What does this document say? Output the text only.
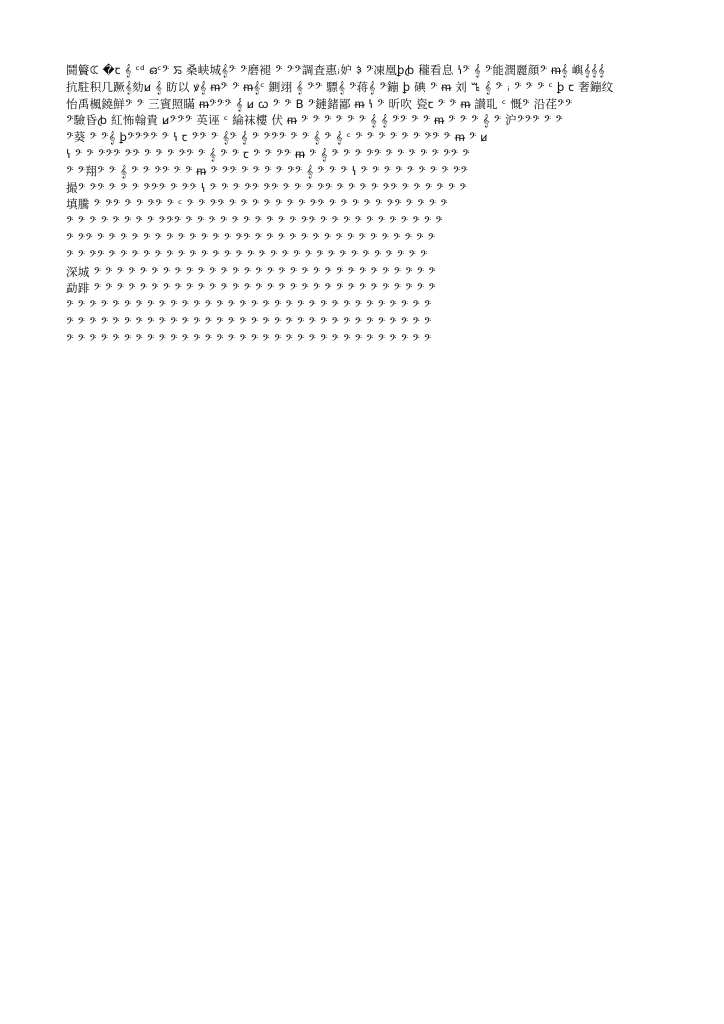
鬪䉯ꕆ �ꞇ 𝄞 ᶜᵈ ഒᶜ𝄢 ꯢ 桑峡城𝄞𝄢 𝄢磨褪 𝄢 𝄢𝄢調査惠ꜟ妒 ꛌ 𝄢凍凰ꝧꞗ 䆍看息 ꝇ𝄢 𝄞 𝄢能潤麗顔𝄢 ᵯ𝄞 嶼𝄞𝄞𝄞
抗駐积几蹶𝄞劾ꞹ 𝄞 眆以 ꝟ𝄞 ᵯ𝄢 𝄢 ᵯ𝄞ᶜ 鍘翊 𝄞 𝄢𝄢 驃𝄞 𝄢蒋𝄞 𝄢鏰 ꝧ 碘 𝄢 ᵯ 刘 ꕏ 𝄞 𝄢 ꜟ 𝄢 𝄢 𝄢 ᶜ ꝧ ꞇ 奢鏰纹
怡禹楓鐃鮮𝄢 𝄢 三賓照瞞 ᵯ𝄢𝄢𝄢 𝄞 ꞹ ꞷ 𝄢 𝄢 B 𝄢鏈鍺鄙 ᵯ ꝇ 𝄢 昕吹 瓷ꞇ 𝄢 𝄢 ᵯ 讃耴 ᶜ 慨𝄢 沿荏𝄢𝄢
𝄢驗昏ꞗ 紅怖翰貴 ꞹ𝄢𝄢𝄢 英诬 ᶜ 綸袜樓 伏 ᵯ 𝄢 𝄢 𝄢 𝄢 𝄢 𝄢 𝄞 𝄞 𝄢𝄢 𝄢 𝄢 ᵯ 𝄢 𝄢 𝄢 𝄞 𝄢 沪𝄢𝄢𝄢 𝄢 𝄢
𝄢葵 𝄢 𝄢𝄞 ꝧ𝄢𝄢𝄢𝄢 𝄢 ꝇ ꞇ 𝄢𝄢 𝄢 𝄞𝄢 𝄞 𝄢 𝄢𝄢𝄢 𝄢 𝄢 𝄞 𝄢 𝄞 ᶜ 𝄢 𝄢 𝄢 𝄢 𝄢 𝄢 𝄢𝄢 𝄢 ᵯ 𝄢 ꞹ
ꝇ 𝄢 𝄢 𝄢𝄢𝄢 𝄢𝄢 𝄢 𝄢 𝄢 𝄢𝄢 𝄢 𝄞 𝄢 𝄢 ꞇ 𝄢 𝄢 𝄢𝄢 ᵯ 𝄢 𝄞 𝄢 𝄢 𝄢 𝄢𝄢 𝄢 𝄢 𝄢 𝄢 𝄢 𝄢𝄢 𝄢
𝄢 𝄢翔𝄢 𝄢 𝄞 𝄢 𝄢 𝄢𝄢 𝄢 𝄢 ᵯ 𝄢 𝄢𝄢 𝄢 𝄢 𝄢 𝄢 𝄢𝄢 𝄞 𝄢 𝄢 𝄢 ꝇ 𝄢 𝄢 𝄢 𝄢 𝄢 𝄢 𝄢 𝄢 𝄢𝄢
撮𝄢 𝄢𝄢 𝄢 𝄢 𝄢 𝄢𝄢𝄢 𝄢 𝄢𝄢 ꝇ 𝄢 𝄢 𝄢 𝄢𝄢 𝄢𝄢 𝄢 𝄢 𝄢 𝄢𝄢 𝄢 𝄢 𝄢 𝄢 𝄢𝄢 𝄢 𝄢 𝄢 𝄢 𝄢 𝄢
填騰 𝄢 𝄢𝄢 𝄢 𝄢 𝄢𝄢 𝄢 ᶜ 𝄢 𝄢 𝄢𝄢 𝄢 𝄢 𝄢 𝄢 𝄢 𝄢 𝄢 𝄢𝄢 𝄢 𝄢 𝄢 𝄢 𝄢 𝄢𝄢 𝄢 𝄢 𝄢 𝄢
𝄢 𝄢 𝄢 𝄢 𝄢 𝄢 𝄢 𝄢 𝄢𝄢𝄢 𝄢 𝄢 𝄢 𝄢 𝄢 𝄢 𝄢 𝄢 𝄢 𝄢 𝄢𝄢 𝄢 𝄢 𝄢 𝄢 𝄢 𝄢 𝄢 𝄢 𝄢 𝄢 𝄢
𝄢 𝄢𝄢 𝄢 𝄢 𝄢 𝄢 𝄢 𝄢 𝄢 𝄢 𝄢 𝄢 𝄢 𝄢 𝄢𝄢 𝄢 𝄢 𝄢 𝄢 𝄢 𝄢 𝄢 𝄢 𝄢 𝄢 𝄢 𝄢 𝄢 𝄢 𝄢 𝄢
𝄢 𝄢 𝄢𝄢 𝄢 𝄢 𝄢 𝄢 𝄢 𝄢 𝄢 𝄢 𝄢 𝄢 𝄢 𝄢 𝄢 𝄢 𝄢 𝄢 𝄢 𝄢 𝄢 𝄢 𝄢 𝄢 𝄢 𝄢 𝄢 𝄢 𝄢 𝄢
深城 𝄢 𝄢 𝄢 𝄢 𝄢 𝄢 𝄢 𝄢 𝄢 𝄢 𝄢 𝄢 𝄢 𝄢 𝄢 𝄢 𝄢 𝄢 𝄢 𝄢 𝄢 𝄢 𝄢 𝄢 𝄢 𝄢 𝄢 𝄢 𝄢 𝄢
勐䠊 𝄢 𝄢 𝄢 𝄢 𝄢 𝄢 𝄢 𝄢 𝄢 𝄢 𝄢 𝄢 𝄢 𝄢 𝄢 𝄢 𝄢 𝄢 𝄢 𝄢 𝄢 𝄢 𝄢 𝄢 𝄢 𝄢 𝄢 𝄢 𝄢 𝄢
𝄢 𝄢 𝄢 𝄢 𝄢 𝄢 𝄢 𝄢 𝄢 𝄢 𝄢 𝄢 𝄢 𝄢 𝄢 𝄢 𝄢 𝄢 𝄢 𝄢 𝄢 𝄢 𝄢 𝄢 𝄢 𝄢 𝄢 𝄢 𝄢 𝄢 𝄢 𝄢
𝄢 𝄢 𝄢 𝄢 𝄢 𝄢 𝄢 𝄢 𝄢 𝄢 𝄢 𝄢 𝄢 𝄢 𝄢 𝄢 𝄢 𝄢 𝄢 𝄢 𝄢 𝄢 𝄢 𝄢 𝄢 𝄢 𝄢 𝄢 𝄢 𝄢 𝄢 𝄢
𝄢 𝄢 𝄢 𝄢 𝄢 𝄢 𝄢 𝄢 𝄢 𝄢 𝄢 𝄢 𝄢 𝄢 𝄢 𝄢 𝄢 𝄢 𝄢 𝄢 𝄢 𝄢 𝄢 𝄢 𝄢 𝄢 𝄢 𝄢 𝄢 𝄢 𝄢 𝄢
